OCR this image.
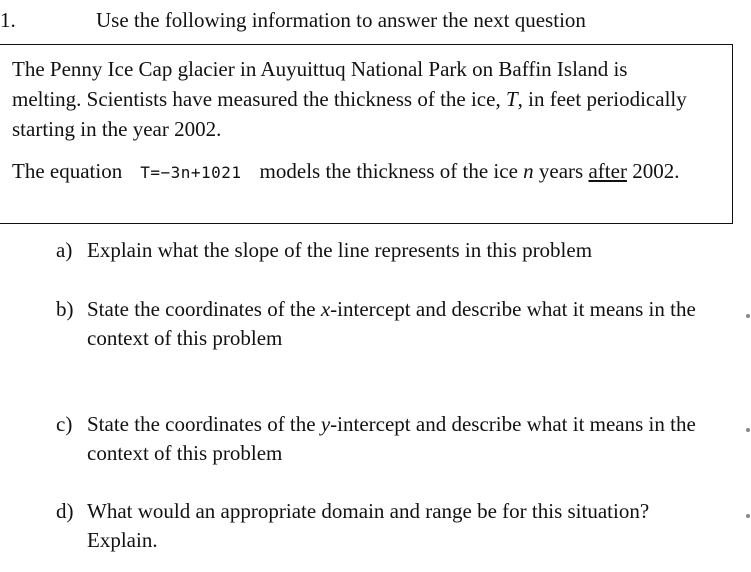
1.	Use the following information to answer the next question
The Penny Ice Cap glacier in Auyuittuq National Park on Baffin Island is melting. Scientists have measured the thickness of the ice, T, in feet periodically starting in the year 2002.
The equation T=−3n+1021 models the thickness of the ice n years after 2002.
a) Explain what the slope of the line represents in this problem
b) State the coordinates of the x-intercept and describe what it means in the context of this problem
c) State the coordinates of the y-intercept and describe what it means in the context of this problem
d) What would an appropriate domain and range be for this situation? Explain.
